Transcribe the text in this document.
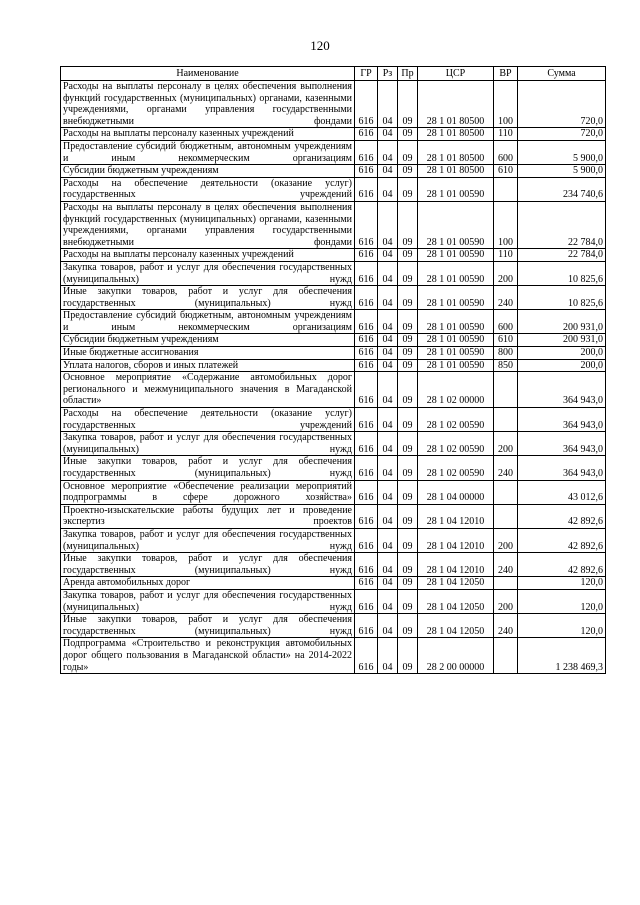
120
Наименование	ГР	Рз	Пр	ЦСР	ВР	Сумма
Расходы на выплаты персоналу в целях обеспечения выполнения функций государственных (муниципальных) органами, казенными учреждениями, органами управления государственными внебюджетными фондами	616	04	09	28 1 01 80500	100	720,0
Расходы на выплаты персоналу казенных учреждений	616	04	09	28 1 01 80500	110	720,0
Предоставление субсидий бюджетным, автономным учреждениям и иным некоммерческим организациям	616	04	09	28 1 01 80500	600	5 900,0
Субсидии бюджетным учреждениям	616	04	09	28 1 01 80500	610	5 900,0
Расходы на обеспечение деятельности (оказание услуг) государственных учреждений	616	04	09	28 1 01 00590		234 740,6
Расходы на выплаты персоналу в целях обеспечения выполнения функций государственных (муниципальных) органами, казенными учреждениями, органами управления государственными внебюджетными фондами	616	04	09	28 1 01 00590	100	22 784,0
Расходы на выплаты персоналу казенных учреждений	616	04	09	28 1 01 00590	110	22 784,0
Закупка товаров, работ и услуг для обеспечения государственных (муниципальных) нужд	616	04	09	28 1 01 00590	200	10 825,6
Иные закупки товаров, работ и услуг для обеспечения государственных (муниципальных) нужд	616	04	09	28 1 01 00590	240	10 825,6
Предоставление субсидий бюджетным, автономным учреждениям и иным некоммерческим организациям	616	04	09	28 1 01 00590	600	200 931,0
Субсидии бюджетным учреждениям	616	04	09	28 1 01 00590	610	200 931,0
Иные бюджетные ассигнования	616	04	09	28 1 01 00590	800	200,0
Уплата налогов, сборов и иных платежей	616	04	09	28 1 01 00590	850	200,0
Основное мероприятие «Содержание автомобильных дорог регионального и межмуниципального значения в Магаданской области»	616	04	09	28 1 02 00000		364 943,0
Расходы на обеспечение деятельности (оказание услуг) государственных учреждений	616	04	09	28 1 02 00590		364 943,0
Закупка товаров, работ и услуг для обеспечения государственных (муниципальных) нужд	616	04	09	28 1 02 00590	200	364 943,0
Иные закупки товаров, работ и услуг для обеспечения государственных (муниципальных) нужд	616	04	09	28 1 02 00590	240	364 943,0
Основное мероприятие «Обеспечение реализации мероприятий подпрограммы в сфере дорожного хозяйства»	616	04	09	28 1 04 00000		43 012,6
Проектно-изыскательские работы будущих лет и проведение экспертиз проектов	616	04	09	28 1 04 12010		42 892,6
Закупка товаров, работ и услуг для обеспечения государственных (муниципальных) нужд	616	04	09	28 1 04 12010	200	42 892,6
Иные закупки товаров, работ и услуг для обеспечения государственных (муниципальных) нужд	616	04	09	28 1 04 12010	240	42 892,6
Аренда автомобильных дорог	616	04	09	28 1 04 12050		120,0
Закупка товаров, работ и услуг для обеспечения государственных (муниципальных) нужд	616	04	09	28 1 04 12050	200	120,0
Иные закупки товаров, работ и услуг для обеспечения государственных (муниципальных) нужд	616	04	09	28 1 04 12050	240	120,0
Подпрограмма «Строительство и реконструкция автомобильных дорог общего пользования в Магаданской области» на 2014-2022 годы»	616	04	09	28 2 00 00000		1 238 469,3
